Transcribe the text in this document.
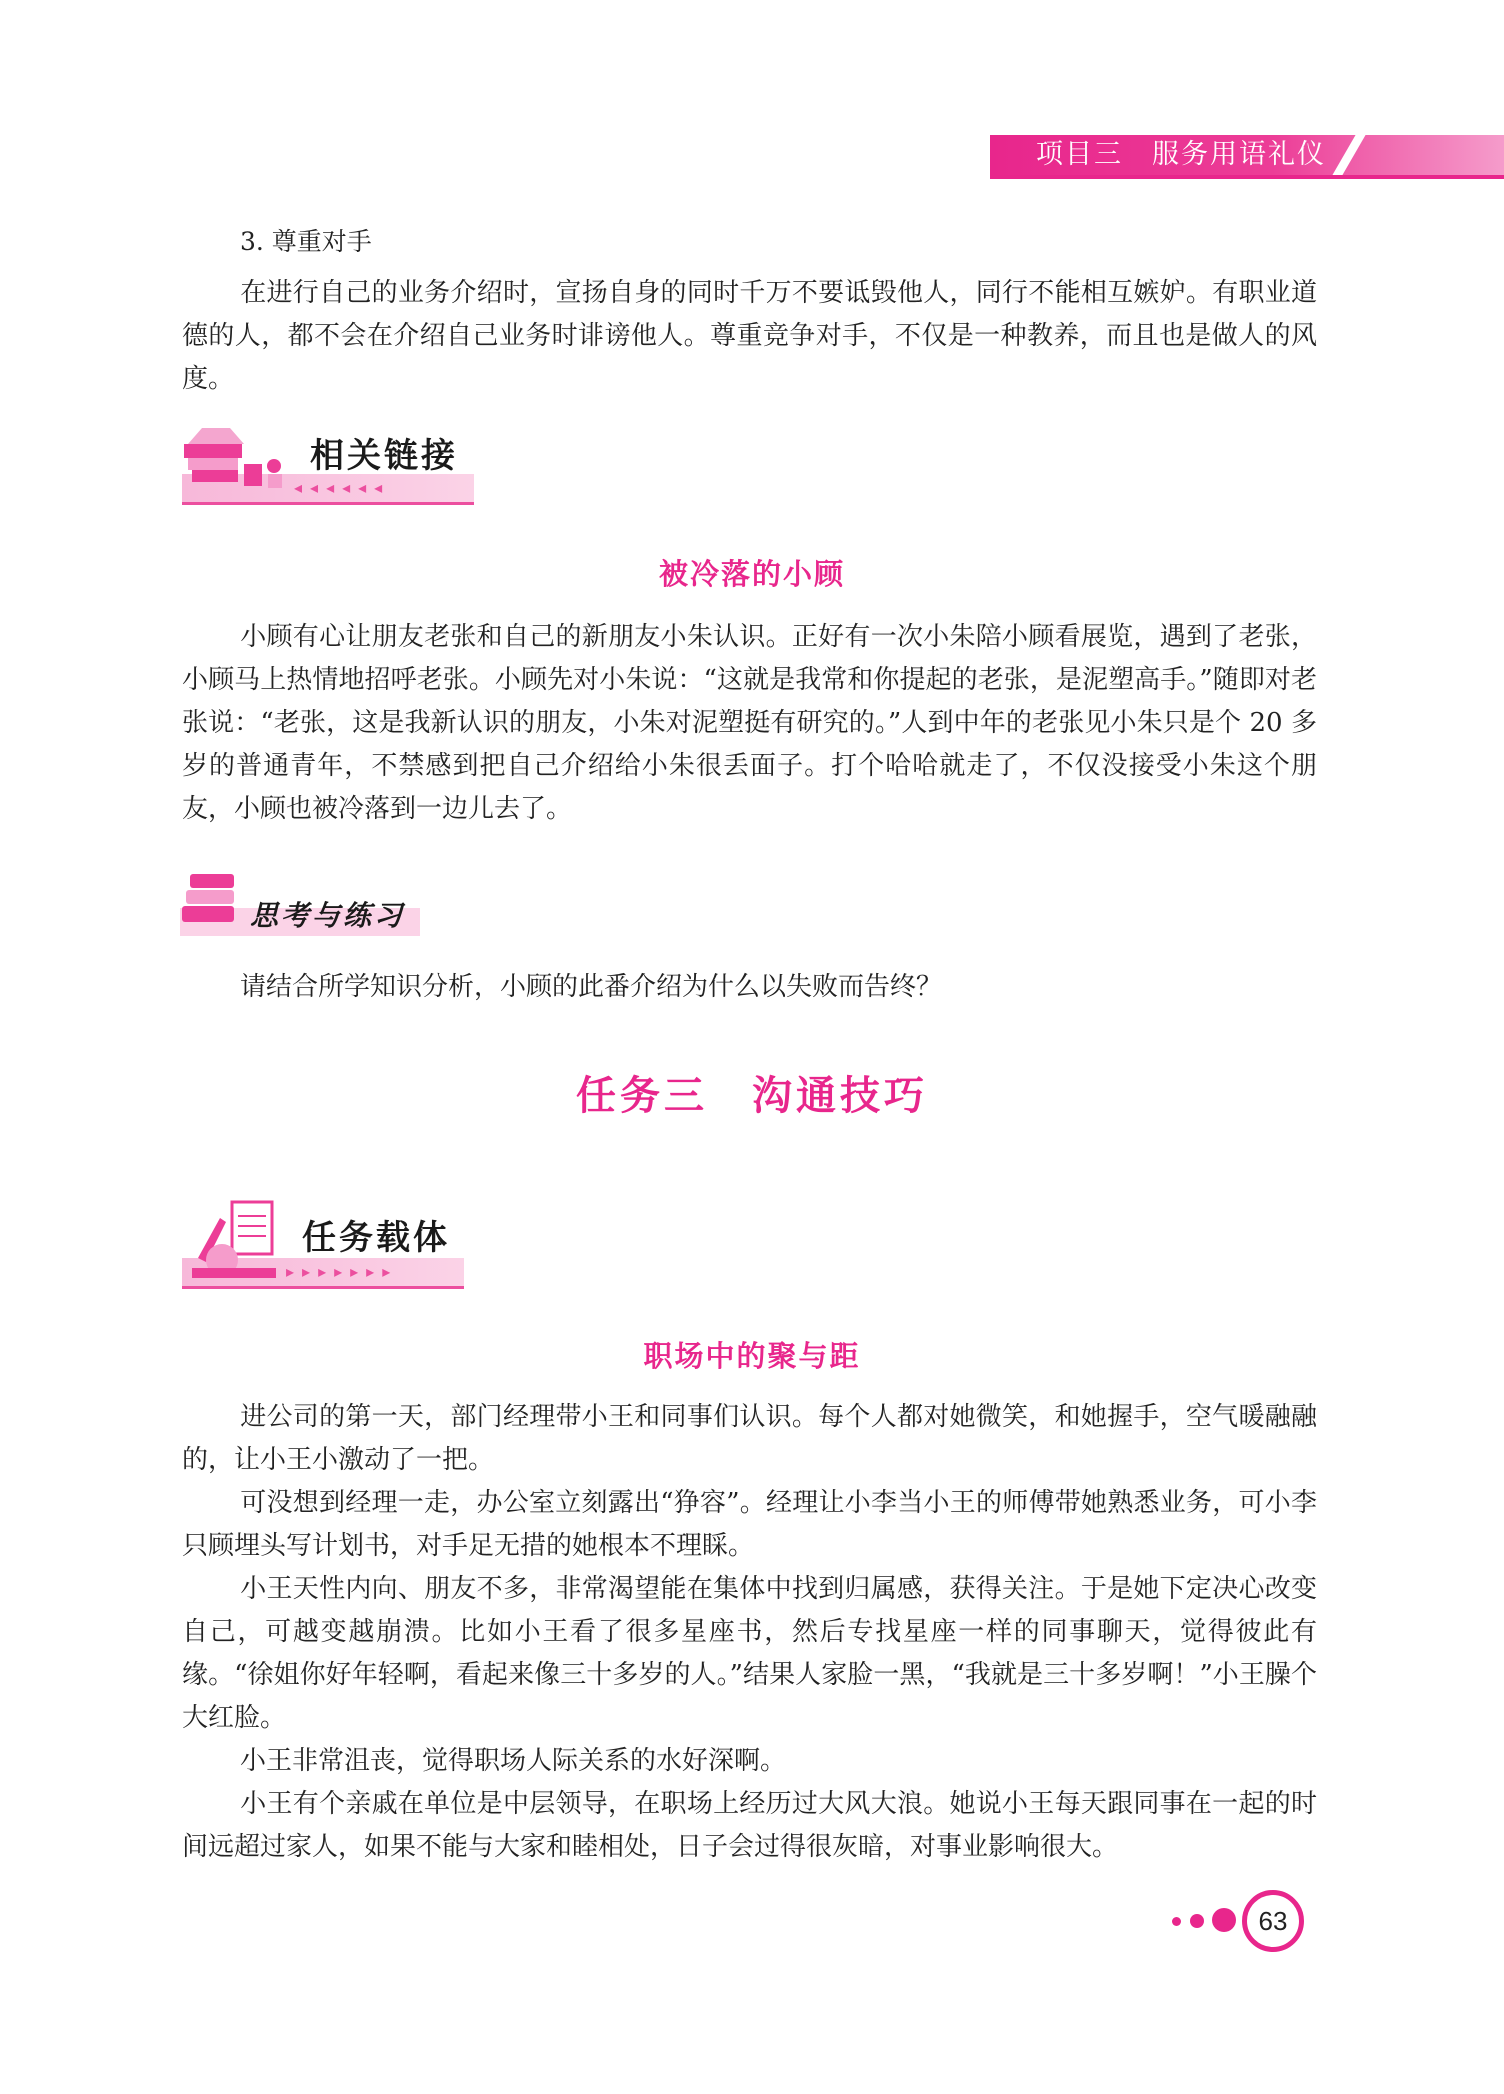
项目三　服务用语礼仪
3. 尊重对手
在进行自己的业务介绍时，宣扬自身的同时千万不要诋毁他人，同行不能相互嫉妒。有职业道德的人，都不会在介绍自己业务时诽谤他人。尊重竞争对手，不仅是一种教养，而且也是做人的风度。
◂◂◂◂◂◂
相关链接
被冷落的小顾
小顾有心让朋友老张和自己的新朋友小朱认识。正好有一次小朱陪小顾看展览，遇到了老张，小顾马上热情地招呼老张。小顾先对小朱说：“这就是我常和你提起的老张，是泥塑高手。”随即对老张说：“老张，这是我新认识的朋友，小朱对泥塑挺有研究的。”人到中年的老张见小朱只是个 20 多岁的普通青年，不禁感到把自己介绍给小朱很丢面子。打个哈哈就走了，不仅没接受小朱这个朋友，小顾也被冷落到一边儿去了。
思考与练习
请结合所学知识分析，小顾的此番介绍为什么以失败而告终？
任务三　沟通技巧
▸▸▸▸▸▸▸
任务载体
职场中的聚与距
进公司的第一天，部门经理带小王和同事们认识。每个人都对她微笑，和她握手，空气暖融融的，让小王小激动了一把。
可没想到经理一走，办公室立刻露出“狰容”。经理让小李当小王的师傅带她熟悉业务，可小李只顾埋头写计划书，对手足无措的她根本不理睬。
小王天性内向、朋友不多，非常渴望能在集体中找到归属感，获得关注。于是她下定决心改变自己，可越变越崩溃。比如小王看了很多星座书，然后专找星座一样的同事聊天，觉得彼此有缘。“徐姐你好年轻啊，看起来像三十多岁的人。”结果人家脸一黑，“我就是三十多岁啊！”小王臊个大红脸。
小王非常沮丧，觉得职场人际关系的水好深啊。
小王有个亲戚在单位是中层领导，在职场上经历过大风大浪。她说小王每天跟同事在一起的时间远超过家人，如果不能与大家和睦相处，日子会过得很灰暗，对事业影响很大。
63
